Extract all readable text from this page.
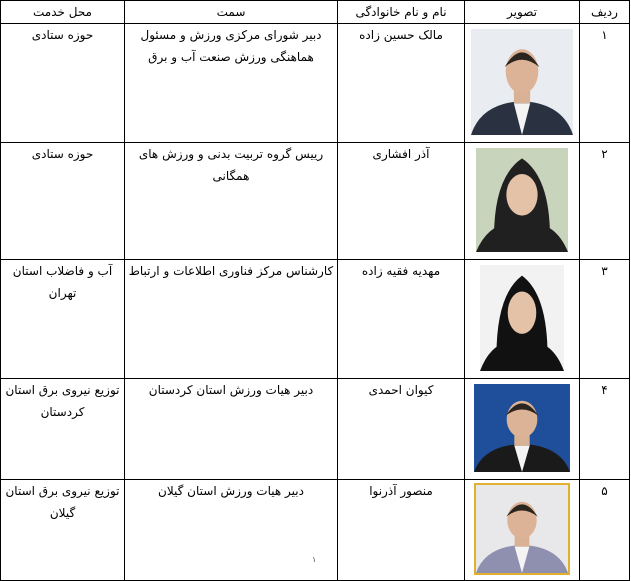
ردیف	تصویر	نام و نام خانوادگی	سمت	محل خدمت
۱		مالک حسین زاده	دبیر شورای مرکزی ورزش و مسئول هماهنگی ورزش صنعت آب و برق	حوزه ستادی
۲		آذر افشاری	رییس گروه تربیت بدنی و ورزش های همگانی	حوزه ستادی
۳		مهدیه فقیه زاده	کارشناس مرکز فناوری اطلاعات و ارتباط	آب و فاضلاب استان تهران
۴		کیوان احمدی	دبیر هیات ورزش استان کردستان	توزیع نیروی برق استان کردستان
۵		منصور آذرنوا	دبیر هیات ورزش استان گیلان	توزیع نیروی برق استان گیلان
۱
